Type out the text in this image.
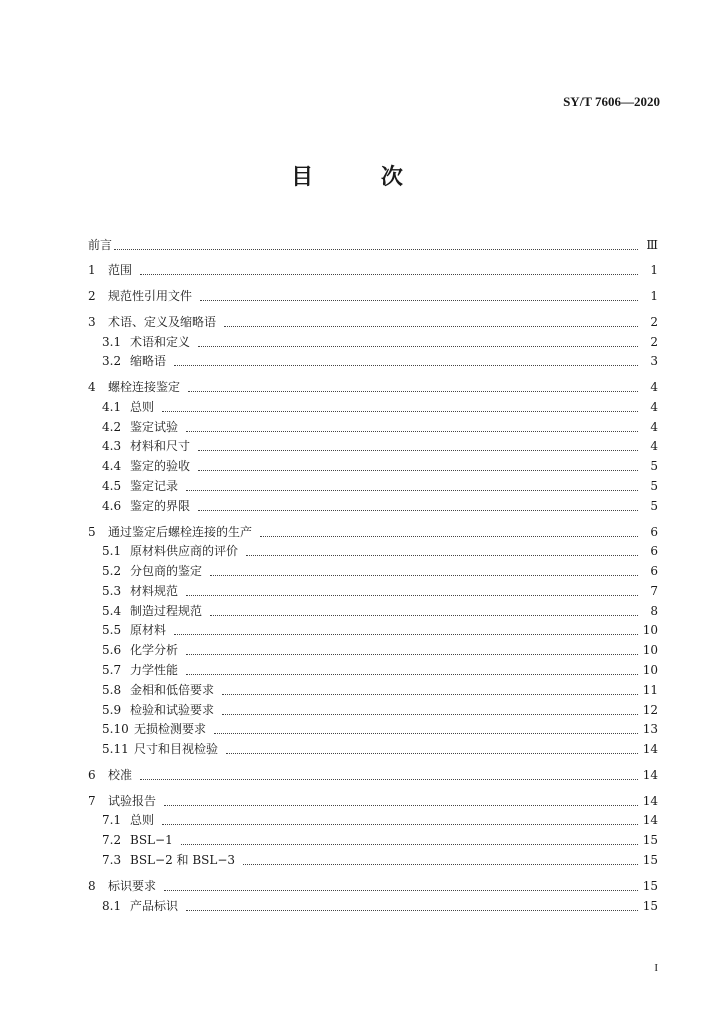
SY/T 7606—2020
目 次
前言	Ⅲ
1	范围	1
2	规范性引用文件	1
3	术语、定义及缩略语	2
3.1 术语和定义	2
3.2 缩略语	3
4	螺栓连接鉴定	4
4.1 总则	4
4.2 鉴定试验	4
4.3 材料和尺寸	4
4.4 鉴定的验收	5
4.5 鉴定记录	5
4.6 鉴定的界限	5
5	通过鉴定后螺栓连接的生产	6
5.1 原材料供应商的评价	6
5.2 分包商的鉴定	6
5.3 材料规范	7
5.4 制造过程规范	8
5.5 原材料	10
5.6 化学分析	10
5.7 力学性能	10
5.8 金相和低倍要求	11
5.9 检验和试验要求	12
5.10 无损检测要求	13
5.11 尺寸和目视检验	14
6	校准	14
7	试验报告	14
7.1 总则	14
7.2 BSL−1	15
7.3 BSL−2 和 BSL−3	15
8	标识要求	15
8.1 产品标识	15
I
